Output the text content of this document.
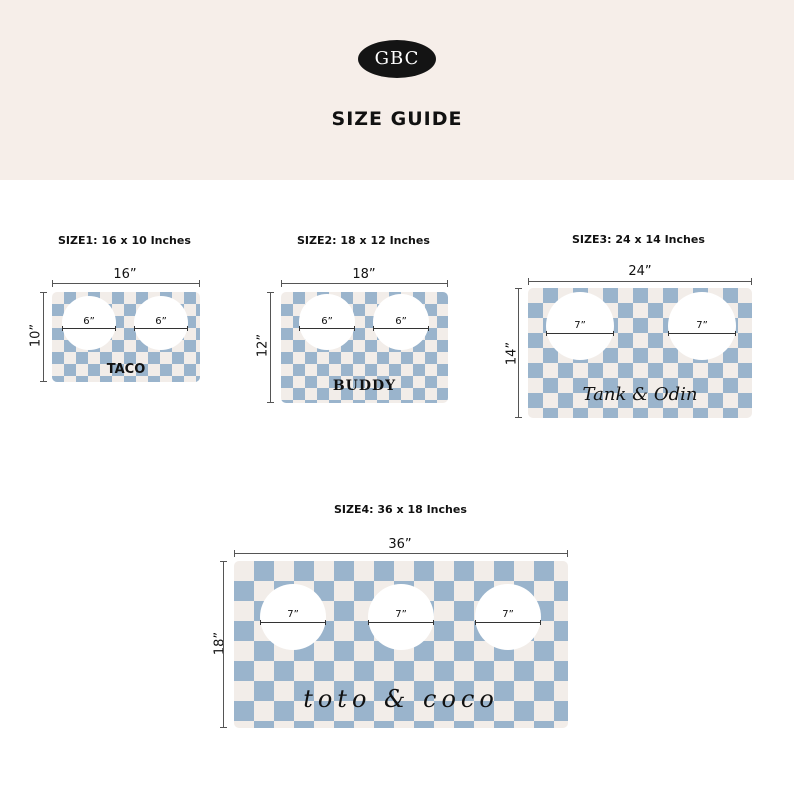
GBC
SIZE GUIDE
SIZE1: 16 x 10 Inches
16”
10”
6”	6”
TACO
SIZE2: 18 x 12 Inches
18”
12”
6”	6”
BUDDY
SIZE3: 24 x 14 Inches
24”
14”
7”	7”
Tank & Odin
SIZE4: 36 x 18 Inches
36”
18”
7”	7”	7”
toto & coco
